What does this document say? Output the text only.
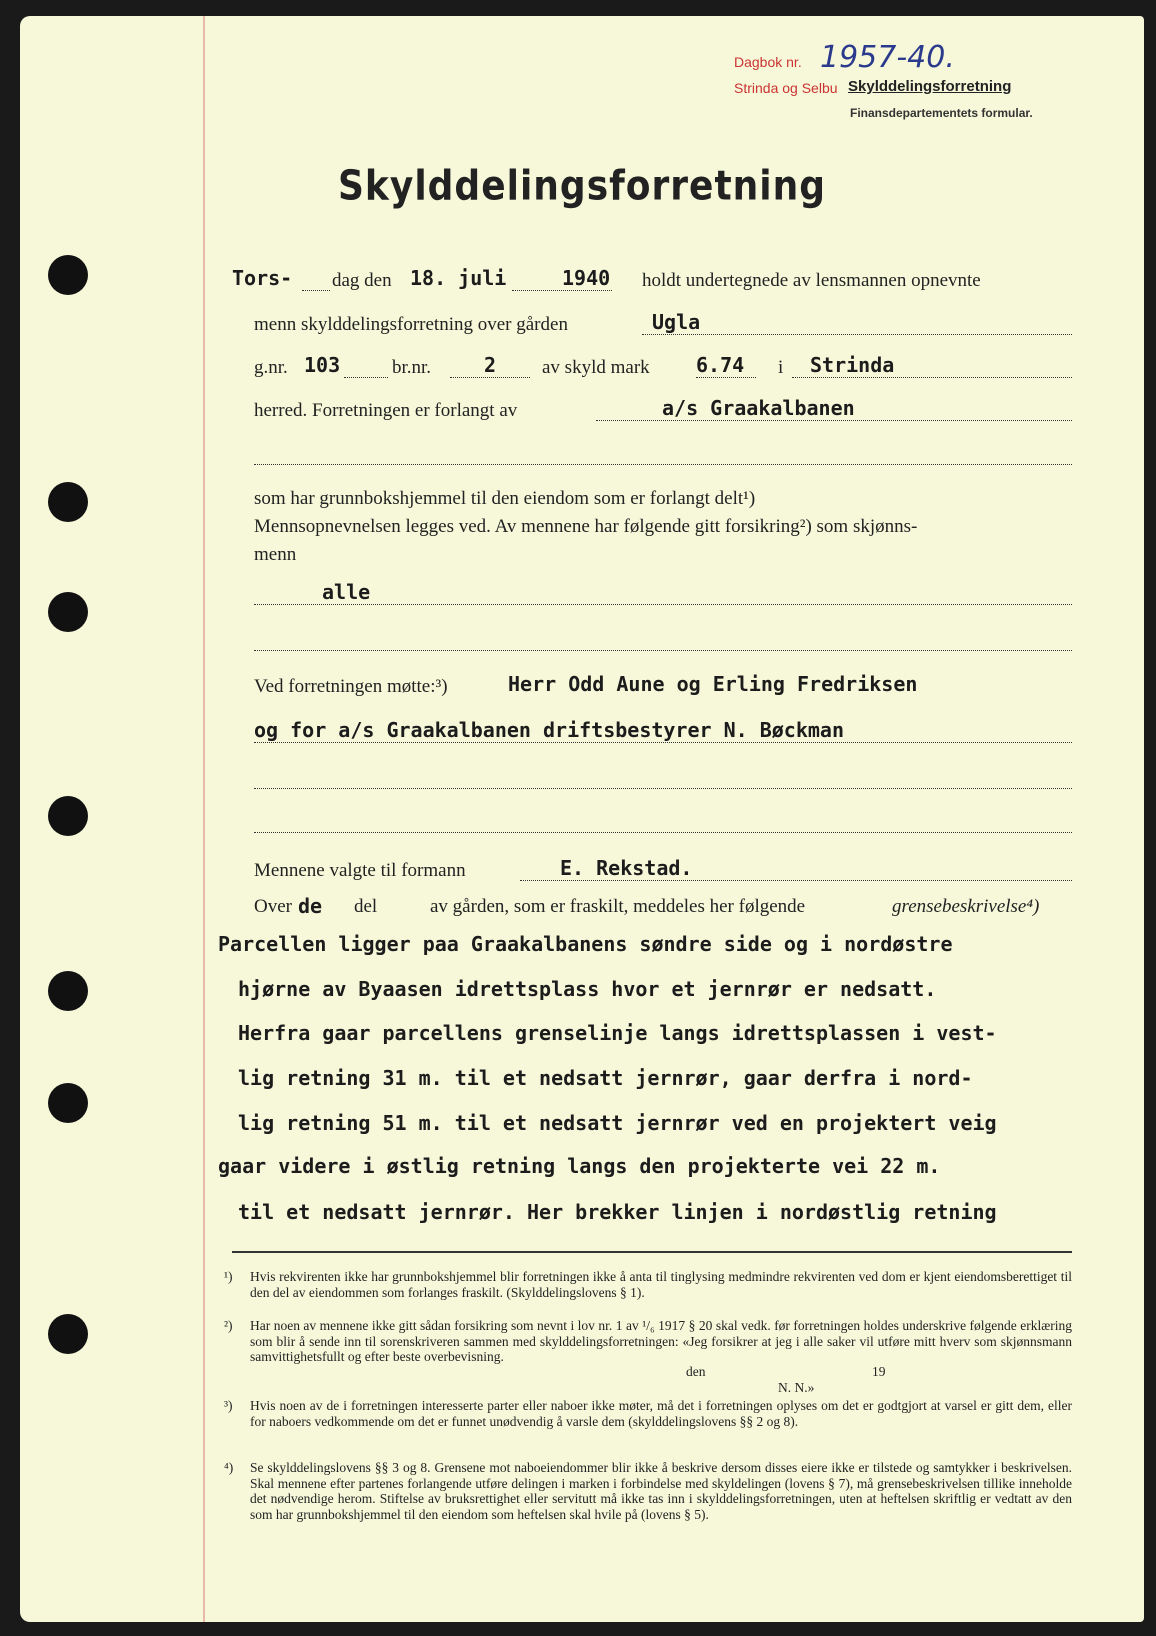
Dagbok nr. 1957-40.
Strinda og Selbu Skylddelingsforretning
Finansdepartementets formular.
Skylddelingsforretning
Tors- dag den 18. juli	1940 holdt undertegnede av lensmannen opnevnte
menn skylddelingsforretning over gården	Ugla
g.nr. 103	br.nr.	2 av skyld mark 6.74 i Strinda
herred. Forretningen er forlangt av	a/s Graakalbanen
som har grunnbokshjemmel til den eiendom som er forlangt delt¹)
Mennsopnevnelsen legges ved. Av mennene har følgende gitt forsikring²) som skjønns-
menn
alle
Ved forretningen møtte:³)	Herr Odd Aune og Erling Fredriksen
og for a/s Graakalbanen driftsbestyrer N. Bøckman
Mennene valgte til formann	E. Rekstad.
Over de del	av gården, som er fraskilt, meddeles her følgende	grensebeskrivelse⁴)
Parcellen ligger paa Graakalbanens søndre side og i nordøstre
hjørne av Byaasen idrettsplass hvor et jernrør er nedsatt.
Herfra gaar parcellens grenselinje langs idrettsplassen i vest-
lig retning 31 m. til et nedsatt jernrør, gaar derfra i nord-
lig retning 51 m. til et nedsatt jernrør ved en projektert veig
gaar videre i østlig retning langs den projekterte vei 22 m.
til et nedsatt jernrør. Her brekker linjen i nordøstlig retning
¹) Hvis rekvirenten ikke har grunnbokshjemmel blir forretningen ikke å anta til tinglysing medmindre rekvirenten ved dom er kjent eiendomsberettiget til den del av eiendommen som forlanges fraskilt. (Skylddelingslovens § 1).
²) Har noen av mennene ikke gitt sådan forsikring som nevnt i lov nr. 1 av ¹/₆ 1917 § 20 skal vedk. før forretningen holdes underskrive følgende erklæring som blir å sende inn til sorenskriveren sammen med skylddelingsforretningen: «Jeg forsikrer at jeg i alle saker vil utføre mitt hverv som skjønnsmann samvittighetsfullt og efter beste overbevisning.
den	19
N. N.»
³) Hvis noen av de i forretningen interesserte parter eller naboer ikke møter, må det i forretningen oplyses om det er godtgjort at varsel er gitt dem, eller for naboers vedkommende om det er funnet unødvendig å varsle dem (skylddelingslovens §§ 2 og 8).
⁴) Se skylddelingslovens §§ 3 og 8. Grensene mot naboeiendommer blir ikke å beskrive dersom disses eiere ikke er tilstede og samtykker i beskrivelsen. Skal mennene efter partenes forlangende utføre delingen i marken i forbindelse med skyldelingen (lovens § 7), må grensebeskrivelsen tillike inneholde det nødvendige herom. Stiftelse av bruksrettighet eller servitutt må ikke tas inn i skylddelingsforretningen, uten at heftelsen skriftlig er vedtatt av den som har grunnbokshjemmel til den eiendom som heftelsen skal hvile på (lovens § 5).
